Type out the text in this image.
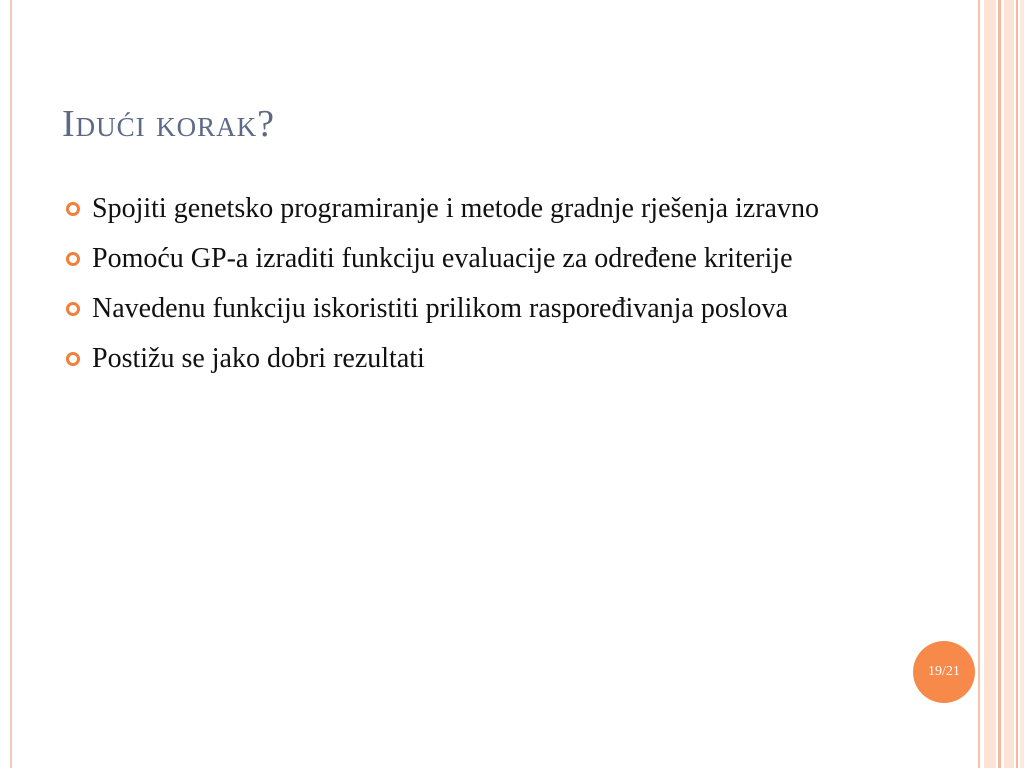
Idući korak?
Spojiti genetsko programiranje i metode gradnje rješenja izravno
Pomoću GP-a izraditi funkciju evaluacije za određene kriterije
Navedenu funkciju iskoristiti prilikom raspoređivanja poslova
Postižu se jako dobri rezultati
19/21
